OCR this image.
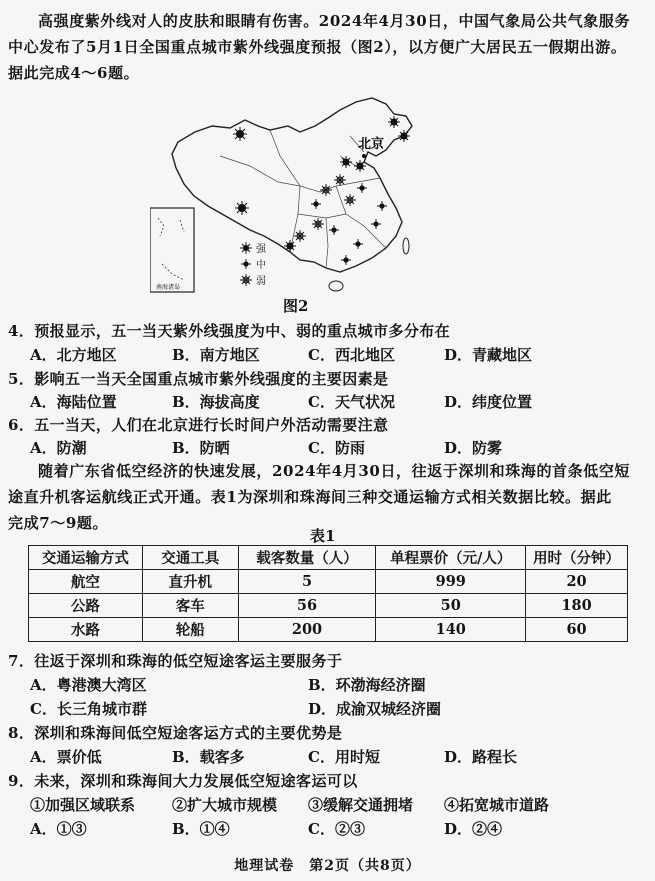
高强度紫外线对人的皮肤和眼睛有伤害。2024年4月30日，中国气象局公共气象服务
中心发布了5月1日全国重点城市紫外线强度预报（图2），以方便广大居民五一假期出游。
据此完成4～6题。
南海诸岛
北京
强
中
弱
图2
4．预报显示，五一当天紫外线强度为中、弱的重点城市多分布在
A．北方地区	B．南方地区	C．西北地区	D．青藏地区
5．影响五一当天全国重点城市紫外线强度的主要因素是
A．海陆位置	B．海拔高度	C．天气状况	D．纬度位置
6．五一当天，人们在北京进行长时间户外活动需要注意
A．防潮	B．防晒	C．防雨	D．防雾
随着广东省低空经济的快速发展，2024年4月30日，往返于深圳和珠海的首条低空短
途直升机客运航线正式开通。表1为深圳和珠海间三种交通运输方式相关数据比较。据此
完成7～9题。
表1
交通运输方式	交通工具	载客数量（人）	单程票价（元/人）	用时（分钟）
航空	直升机	5	999	20
公路	客车	56	50	180
水路	轮船	200	140	60
7．往返于深圳和珠海的低空短途客运主要服务于
A．粤港澳大湾区	B．环渤海经济圈
C．长三角城市群	D．成渝双城经济圈
8．深圳和珠海间低空短途客运方式的主要优势是
A．票价低	B．载客多	C．用时短	D．路程长
9．未来，深圳和珠海间大力发展低空短途客运可以
①加强区域联系 ②扩大城市规模 ③缓解交通拥堵 ④拓宽城市道路
A．①③	B．①④	C．②③	D．②④
地理试卷　第2页（共8页）
